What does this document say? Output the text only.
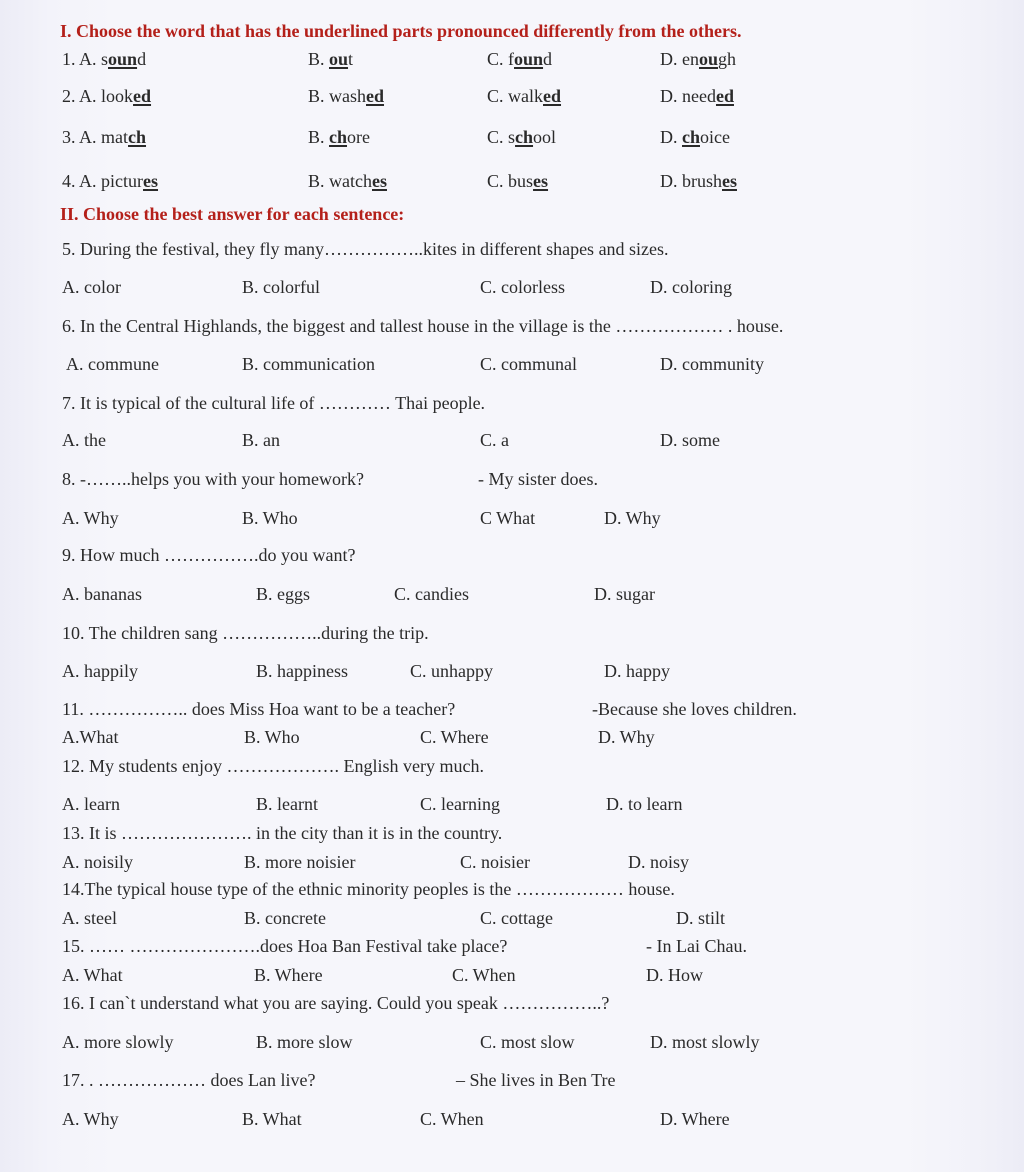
I. Choose the word that has the underlined parts pronounced differently from the others.
1. A. sound	B. out	C. found	D. enough
2. A. looked	B. washed	C. walked	D. needed
3. A. match	B. chore	C. school	D. choice
4. A. pictures	B. watches	C. buses	D. brushes
II. Choose the best answer for each sentence:
5. During the festival, they fly many……………..kites in different shapes and sizes.
A. color	B. colorful	C. colorless	D. coloring
6. In the Central Highlands, the biggest and tallest house in the village is the ……………… . house.
A. commune	B. communication	C. communal	D. community
7. It is typical of the cultural life of ………… Thai people.
A. the	B. an	C. a	D. some
8. -……..helps you with your homework?	- My sister does.
A. Why	B. Who	C What	D. Why
9. How much …………….do you want?
A. bananas	B. eggs	C. candies	D. sugar
10. The children sang ……………..during the trip.
A. happily	B. happiness	C. unhappy	D. happy
11. …………….. does Miss Hoa want to be a teacher?	-Because she loves children.
A.What	B. Who	C. Where	D. Why
12. My students enjoy ………………. English very much.
A. learn	B. learnt	C. learning	D. to learn
13. It is …………………. in the city than it is in the country.
A. noisily	B. more noisier	C. noisier	D. noisy
14.The typical house type of the ethnic minority peoples is the ……………… house.
A. steel	B. concrete	C. cottage	D. stilt
15. …… ………………….does Hoa Ban Festival take place?	- In Lai Chau.
A. What	B. Where	C. When	D. How
16. I can`t understand what you are saying. Could you speak ……………..?
A. more slowly	B. more slow	C. most slow	D. most slowly
17. . ……………… does Lan live?	– She lives in Ben Tre
A. Why	B. What	C. When	D. Where
